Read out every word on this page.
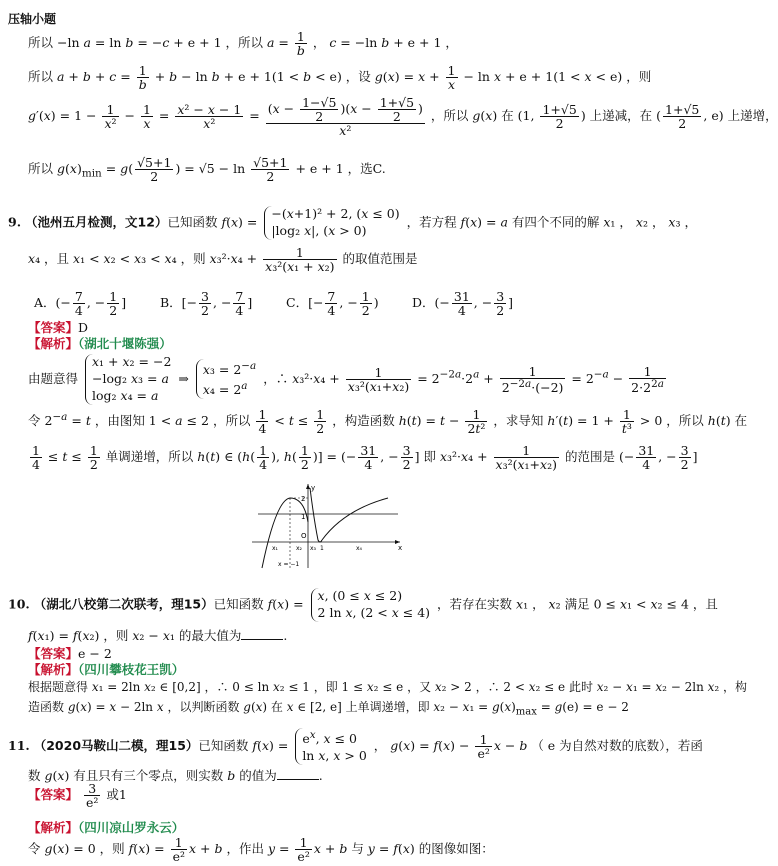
压轴小题
所以 −ln a = ln b = −c + e + 1 ，所以 $a = \frac{1}{b}$ ， c = −ln b + e + 1 ，
所以 $a + b + c = \frac{1}{b} + b - \ln b + e + 1(1 < b < e)$ ，设 $g(x) = x + \frac{1}{x} - \ln x + e + 1(1 < x < e)$ ，则
$g'(x) = 1 - \frac{1}{\text{x²}} - \frac{1}{x} = \frac{\text{x² − x − 1}}{\text{x²}} = \frac{(x - \frac{1-√5}{2} )(x - \frac{1+√5}{2} )}{\text{x²}}$ ，所以 g(x) 在 (1, $\frac{1+√5}{2}$ ) 上递减，在 ( $\frac{1+√5}{2}$ , e) 上递增，
所以 $g(x)_{min} = g( \frac{√5+1}{2}$ ) = $√5 - \ln \frac{√5+1}{2} + e + 1$ ，选C.
9. （池州五月检测，文12）已知函数 f(x) =
−(x+1)² + 2, (x ≤ 0)
|log₂ x|, (x > 0)
，若方程 f(x) = a 有四个不同的解 x₁ ， x₂ ， x₃ ，
x₄ ，且 x₁ < x₂ < x₃ < x₄ ，则 $x_3^2\cdot x_4 + \frac{1}{\text{x₃²(x₁ + x₂)}}$ 的取值范围是
A．(− $\frac{7}{4}$ , − $\frac{1}{2}$ ]	B．[− $\frac{3}{2}$ , − $\frac{7}{4}$ ]	C．[− $\frac{7}{4}$ , − $\frac{1}{2}$ )	D．(− $\frac{31}{4}$ , − $\frac{3}{2}$ ]
【答案】D
【解析】（湖北十堰陈强）
由题意得
x₁ + x₂ = −2
−log₂ x₃ = a
log₂ x₄ = a
⇒
$x_3 = 2^{-a}$
$x_4 = 2^a$
，∴ $x_3^2\cdot x_4 + \frac{1}{\text{x₃²(x₁+x₂)}} = 2^{-2a}\cdot 2^a + \frac{1}{2^{-2a}\cdot(-2)} = 2^{-a} - \frac{1}{2\cdot 2^{2a}}$
令 $2^{-a} = t$ ，由图知 1 < a ≤ 2 ，所以 $\frac{1}{4} < t \le \frac{1}{2}$ ，构造函数 $h(t) = t - \frac{1}{\text{2t²}}$ ，求导知 $h'(t) = 1 + \frac{1}{\text{t³}} > 0$ ，所以 h(t) 在
$\frac{1}{4} \le t \le \frac{1}{2}$ 单调递增，所以 h(t) ∈ ($h( \frac{1}{4}$ ), $h( \frac{1}{2}$ )] = (− $\frac{31}{4}$ , − $\frac{3}{2}$ ] 即 $x_3^2\cdot x_4 + \frac{1}{\text{x₃²(x₁+x₂)}}$ 的范围是 (− $\frac{31}{4}$ , − $\frac{3}{2}$ ]
y
x
2
1
O
x₁	x₂ x₃ 1	x₄
x = −1
10. （湖北八校第二次联考，理15）已知函数 f(x) =
x, (0 ≤ x ≤ 2)
2 ln x, (2 < x ≤ 4)
，若存在实数 x₁ ， x₂ 满足 0 ≤ x₁ < x₂ ≤ 4 ，且
f(x₁) = f(x₂) ，则 x₂ − x₁ 的最大值为	.
【答案】e − 2
【解析】（四川攀枝花王凯）
根据题意得 x₁ = 2ln x₂ ∈ [0,2] ，∴ 0 ≤ ln x₂ ≤ 1 ，即 1 ≤ x₂ ≤ e ，又 x₂ > 2 ，∴ 2 < x₂ ≤ e 此时 x₂ − x₁ = x₂ − 2ln x₂ ，构
造函数 g(x) = x − 2ln x ，以判断函数 g(x) 在 x ∈ [2, e] 上单调递增，即 $x_2 - x_1 = g(x)_{max} = g(e) = e - 2$
11. （2020马鞍山二模，理15）已知函数 $f(x) = e^x$, x ≤ 0
ln x, x > 0
， $g(x) = f(x) - \frac{1}{\text{e²}}$ x − b （ e 为自然对数的底数），若函
数 g(x) 有且只有三个零点，则实数 b 的值为	.
【答案】 $\frac{3}{\text{e²}}$ 或1
【解析】（四川凉山罗永云）
令 g(x) = 0 ，则 $f(x) = \frac{1}{\text{e²}}$ x + b ，作出 $y = \frac{1}{\text{e²}}$ x + b 与 y = f(x) 的图像如图：
